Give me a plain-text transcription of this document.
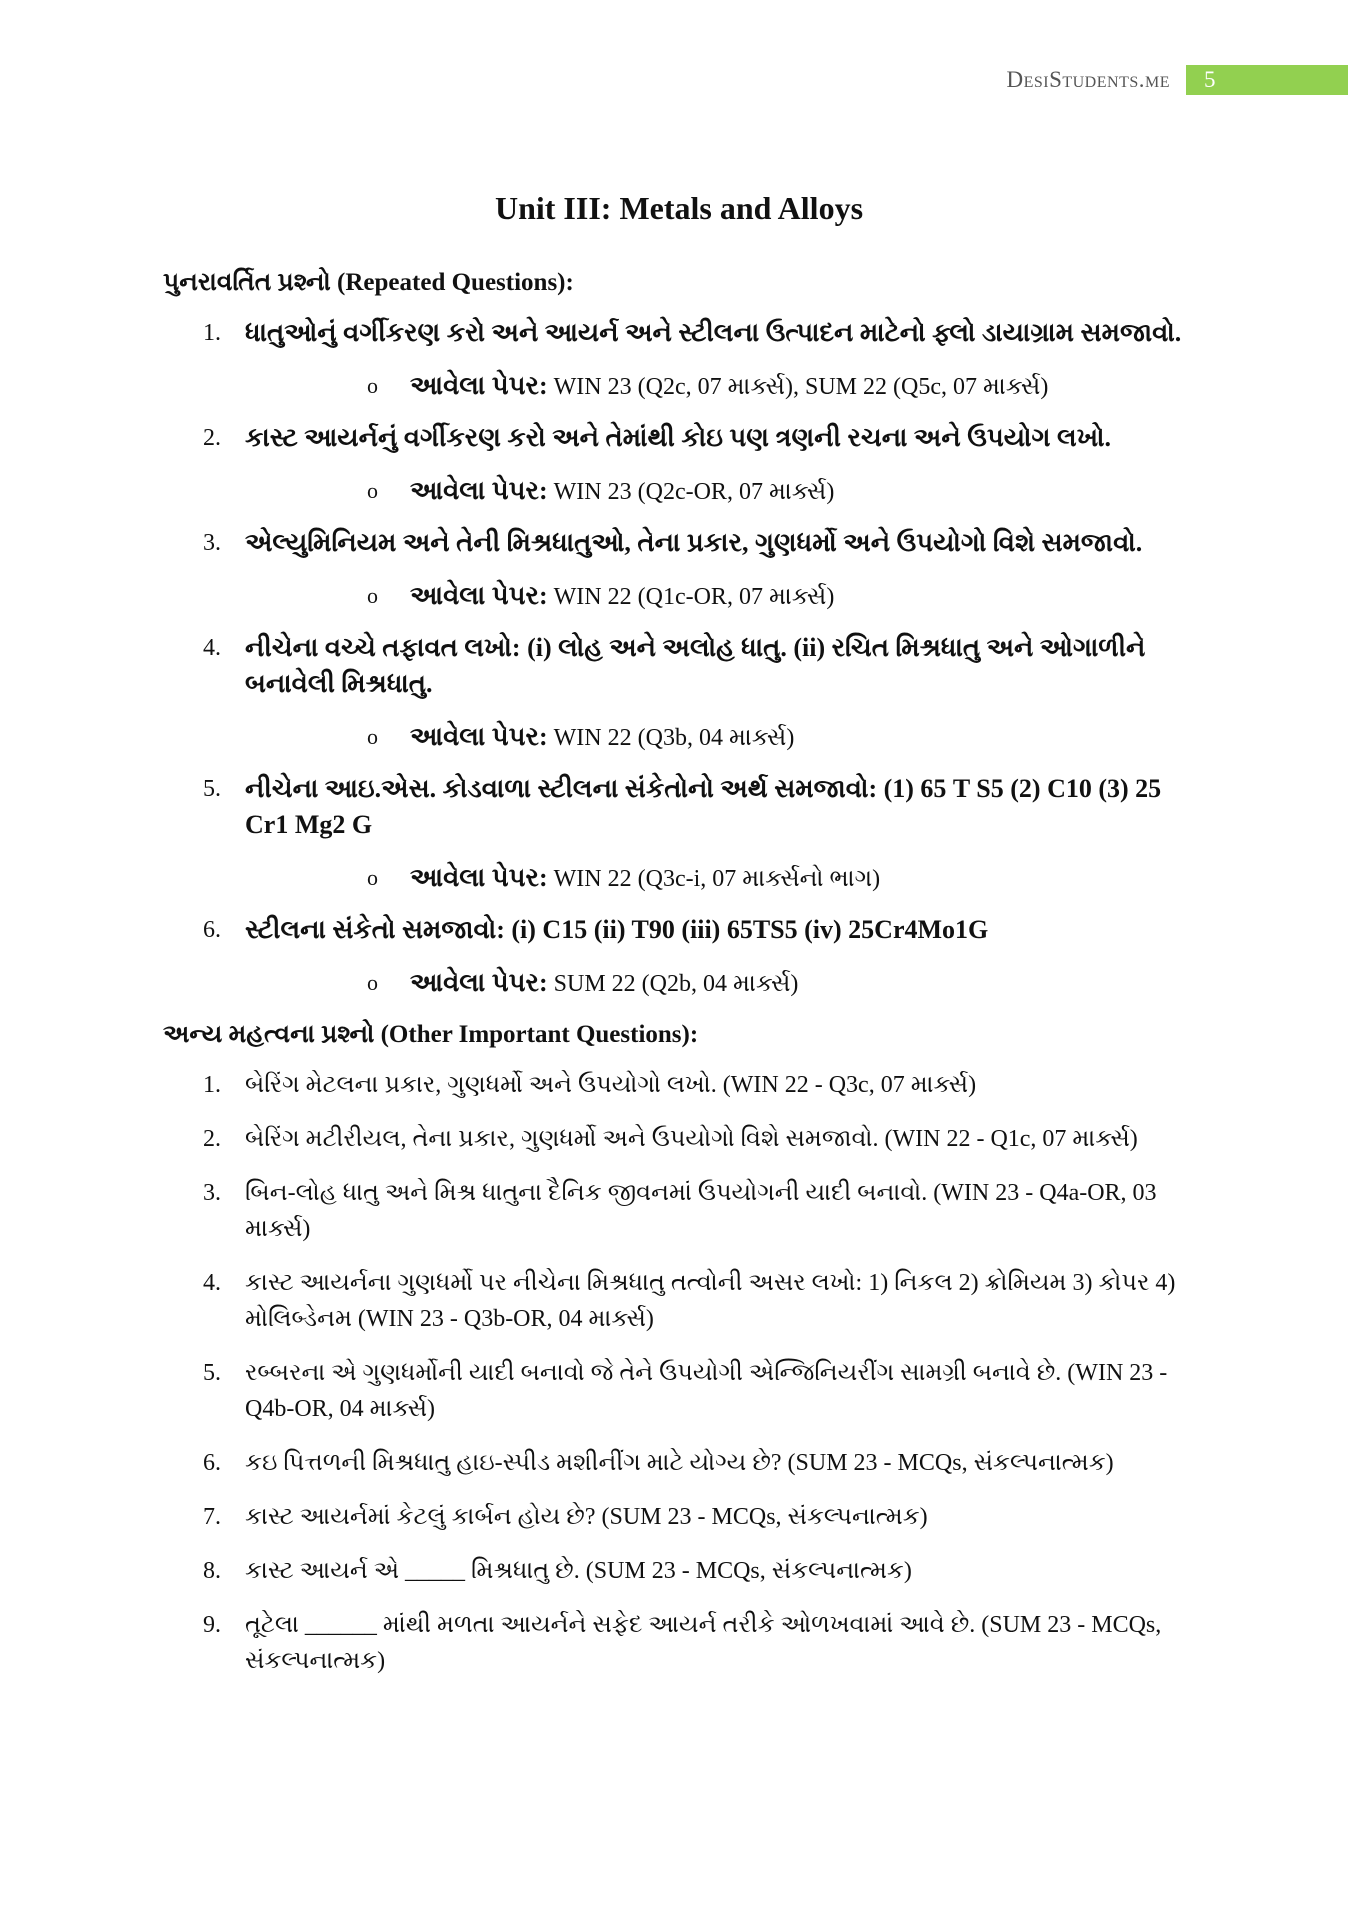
DesiStudents.me	5
Unit III: Metals and Alloys
પુનરાવર્તિત પ્રશ્નો (Repeated Questions):
1. ધાતુઓનું વર્ગીકરણ કરો અને આયર્ન અને સ્ટીલના ઉત્પાદન માટેનો ફ્લો ડાયાગ્રામ સમજાવો.
o આવેલા પેપર: WIN 23 (Q2c, 07 માર્ક્સ), SUM 22 (Q5c, 07 માર્ક્સ)
2. કાસ્ટ આયર્નનું વર્ગીકરણ કરો અને તેમાંથી કોઇ પણ ત્રણની રચના અને ઉપયોગ લખો.
o આવેલા પેપર: WIN 23 (Q2c-OR, 07 માર્ક્સ)
3. એલ્યુમિનિયમ અને તેની મિશ્રધાતુઓ, તેના પ્રકાર, ગુણધર્મો અને ઉપયોગો વિશે સમજાવો.
o આવેલા પેપર: WIN 22 (Q1c-OR, 07 માર્ક્સ)
4. નીચેના વચ્ચે તફાવત લખો: (i) લોહ અને અલોહ ધાતુ. (ii) રચિત મિશ્રધાતુ અને ઓગાળીને બનાવેલી મિશ્રધાતુ.
o આવેલા પેપર: WIN 22 (Q3b, 04 માર્ક્સ)
5. નીચેના આઇ.એસ. કોડવાળા સ્ટીલના સંકેતોનો અર્થ સમજાવો: (1) 65 T S5 (2) C10 (3) 25 Cr1 Mg2 G
o આવેલા પેપર: WIN 22 (Q3c-i, 07 માર્ક્સનો ભાગ)
6. સ્ટીલના સંકેતો સમજાવો: (i) C15 (ii) T90 (iii) 65TS5 (iv) 25Cr4Mo1G
o આવેલા પેપર: SUM 22 (Q2b, 04 માર્ક્સ)
અન્ય મહત્વના પ્રશ્નો (Other Important Questions):
1. બેરિંગ મેટલના પ્રકાર, ગુણધર્મો અને ઉપયોગો લખો. (WIN 22 - Q3c, 07 માર્ક્સ)
2. બેરિંગ મટીરીયલ, તેના પ્રકાર, ગુણધર્મો અને ઉપયોગો વિશે સમજાવો. (WIN 22 - Q1c, 07 માર્ક્સ)
3. બિન-લોહ ધાતુ અને મિશ્ર ધાતુના દૈનિક જીવનમાં ઉપયોગની યાદી બનાવો. (WIN 23 - Q4a-OR, 03 માર્ક્સ)
4. કાસ્ટ આયર્નના ગુણધર્મો પર નીચેના મિશ્રધાતુ તત્વોની અસર લખો: 1) નિકલ 2) ક્રોમિયમ 3) કોપર 4) મોલિબ્ડેનમ (WIN 23 - Q3b-OR, 04 માર્ક્સ)
5. રબ્બરના એ ગુણધર્મોની યાદી બનાવો જે તેને ઉપયોગી એન્જિનિયરીંગ સામગ્રી બનાવે છે. (WIN 23 - Q4b-OR, 04 માર્ક્સ)
6. કઇ પિત્તળની મિશ્રધાતુ હાઇ-સ્પીડ મશીનીંગ માટે યોગ્ય છે? (SUM 23 - MCQs, સંકલ્પનાત્મક)
7. કાસ્ટ આયર્નમાં કેટલું કાર્બન હોય છે? (SUM 23 - MCQs, સંકલ્પનાત્મક)
8. કાસ્ટ આયર્ન એ _____ મિશ્રધાતુ છે. (SUM 23 - MCQs, સંકલ્પનાત્મક)
9. તૂટેલા ______ માંથી મળતા આયર્નને સફેદ આયર્ન તરીકે ઓળખવામાં આવે છે. (SUM 23 - MCQs, સંકલ્પનાત્મક)
